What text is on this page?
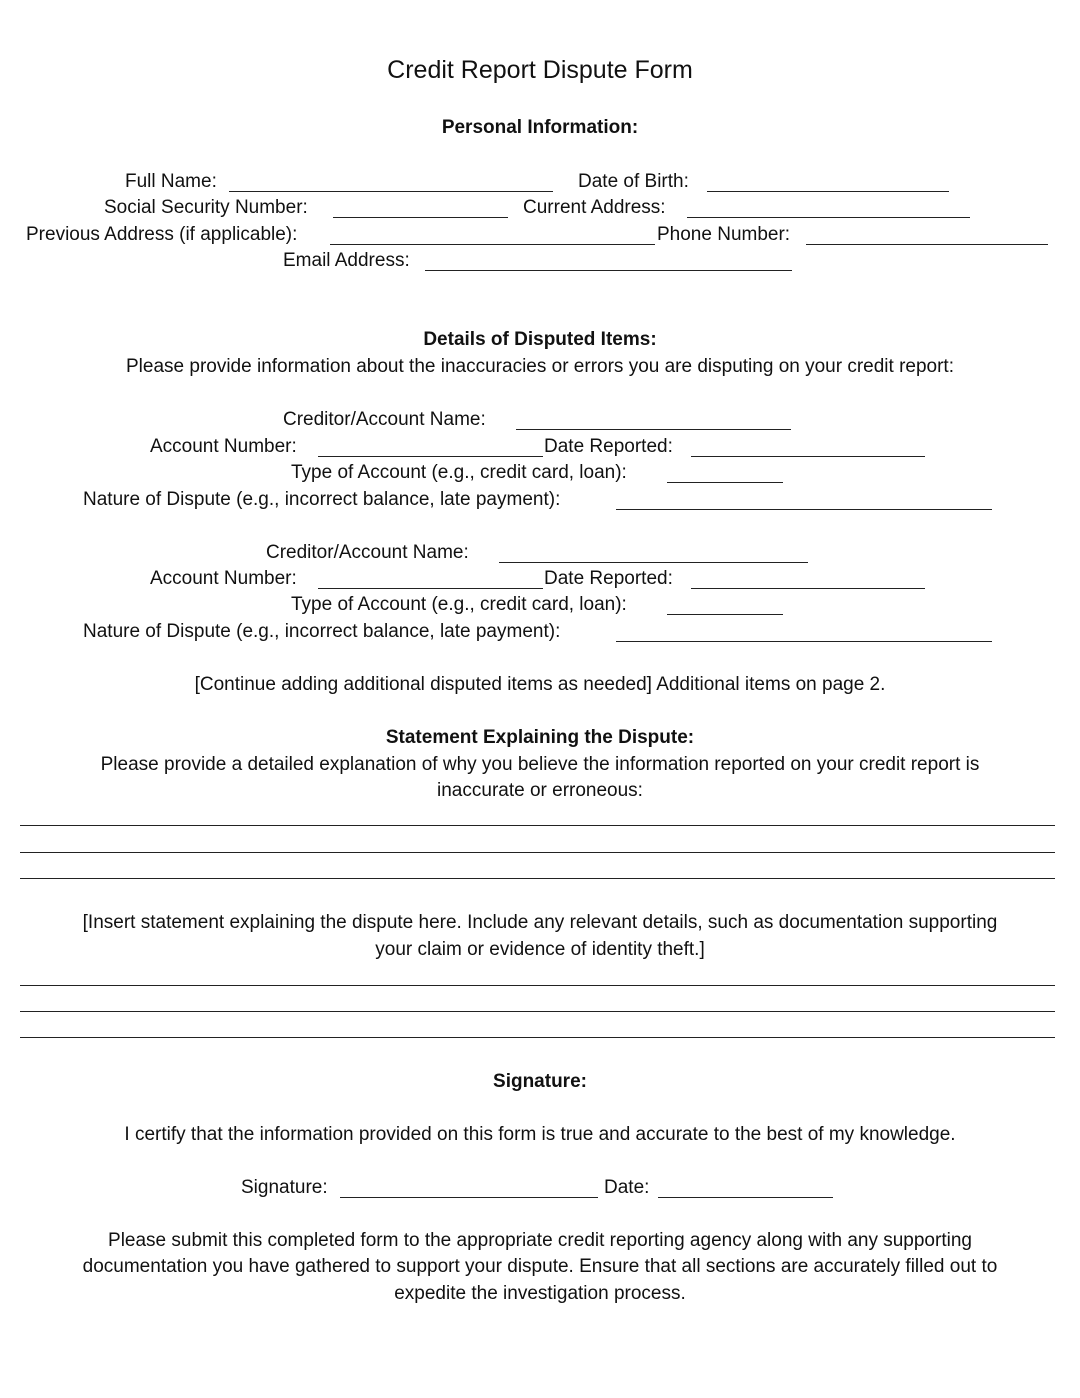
Credit Report Dispute Form
Personal Information:
Full Name:	Date of Birth:
Social Security Number:	Current Address:
Previous Address (if applicable):	Phone Number:
Email Address:
Details of Disputed Items:
Please provide information about the inaccuracies or errors you are disputing on your credit report:
Creditor/Account Name:
Account Number:	Date Reported:
Type of Account (e.g., credit card, loan):
Nature of Dispute (e.g., incorrect balance, late payment):
Creditor/Account Name:
Account Number:	Date Reported:
Type of Account (e.g., credit card, loan):
Nature of Dispute (e.g., incorrect balance, late payment):
[Continue adding additional disputed items as needed] Additional items on page 2.
Statement Explaining the Dispute:
Please provide a detailed explanation of why you believe the information reported on your credit report is
inaccurate or erroneous:
[Insert statement explaining the dispute here. Include any relevant details, such as documentation supporting
your claim or evidence of identity theft.]
Signature:
I certify that the information provided on this form is true and accurate to the best of my knowledge.
Signature:	Date:
Please submit this completed form to the appropriate credit reporting agency along with any supporting
documentation you have gathered to support your dispute. Ensure that all sections are accurately filled out to
expedite the investigation process.
